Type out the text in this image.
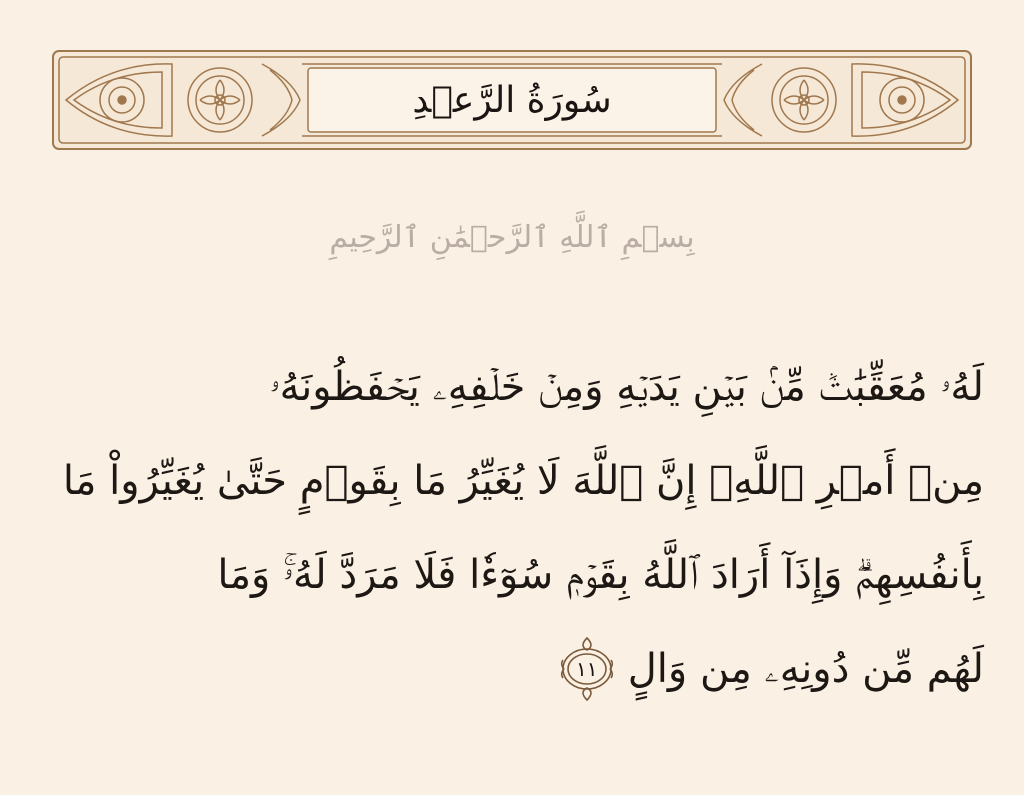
سُورَةُ الرَّعۡدِ
بِسۡمِ ٱللَّهِ ٱلرَّحۡمَٰنِ ٱلرَّحِيمِ
لَهُۥ مُعَقِّبَٰتٞ مِّنۢ بَيۡنِ يَدَيۡهِ وَمِنۡ خَلۡفِهِۦ يَحۡفَظُونَهُۥ
مِنۡ أَمۡرِ ٱللَّهِۗ إِنَّ ٱللَّهَ لَا يُغَيِّرُ مَا بِقَوۡمٍ حَتَّىٰ يُغَيِّرُواْ مَا
بِأَنفُسِهِمۡۗ وَإِذَآ أَرَادَ ٱللَّهُ بِقَوۡمٖ سُوٓءٗا فَلَا مَرَدَّ لَهُۥۚ وَمَا
لَهُم مِّن دُونِهِۦ مِن وَالٍ
١١
